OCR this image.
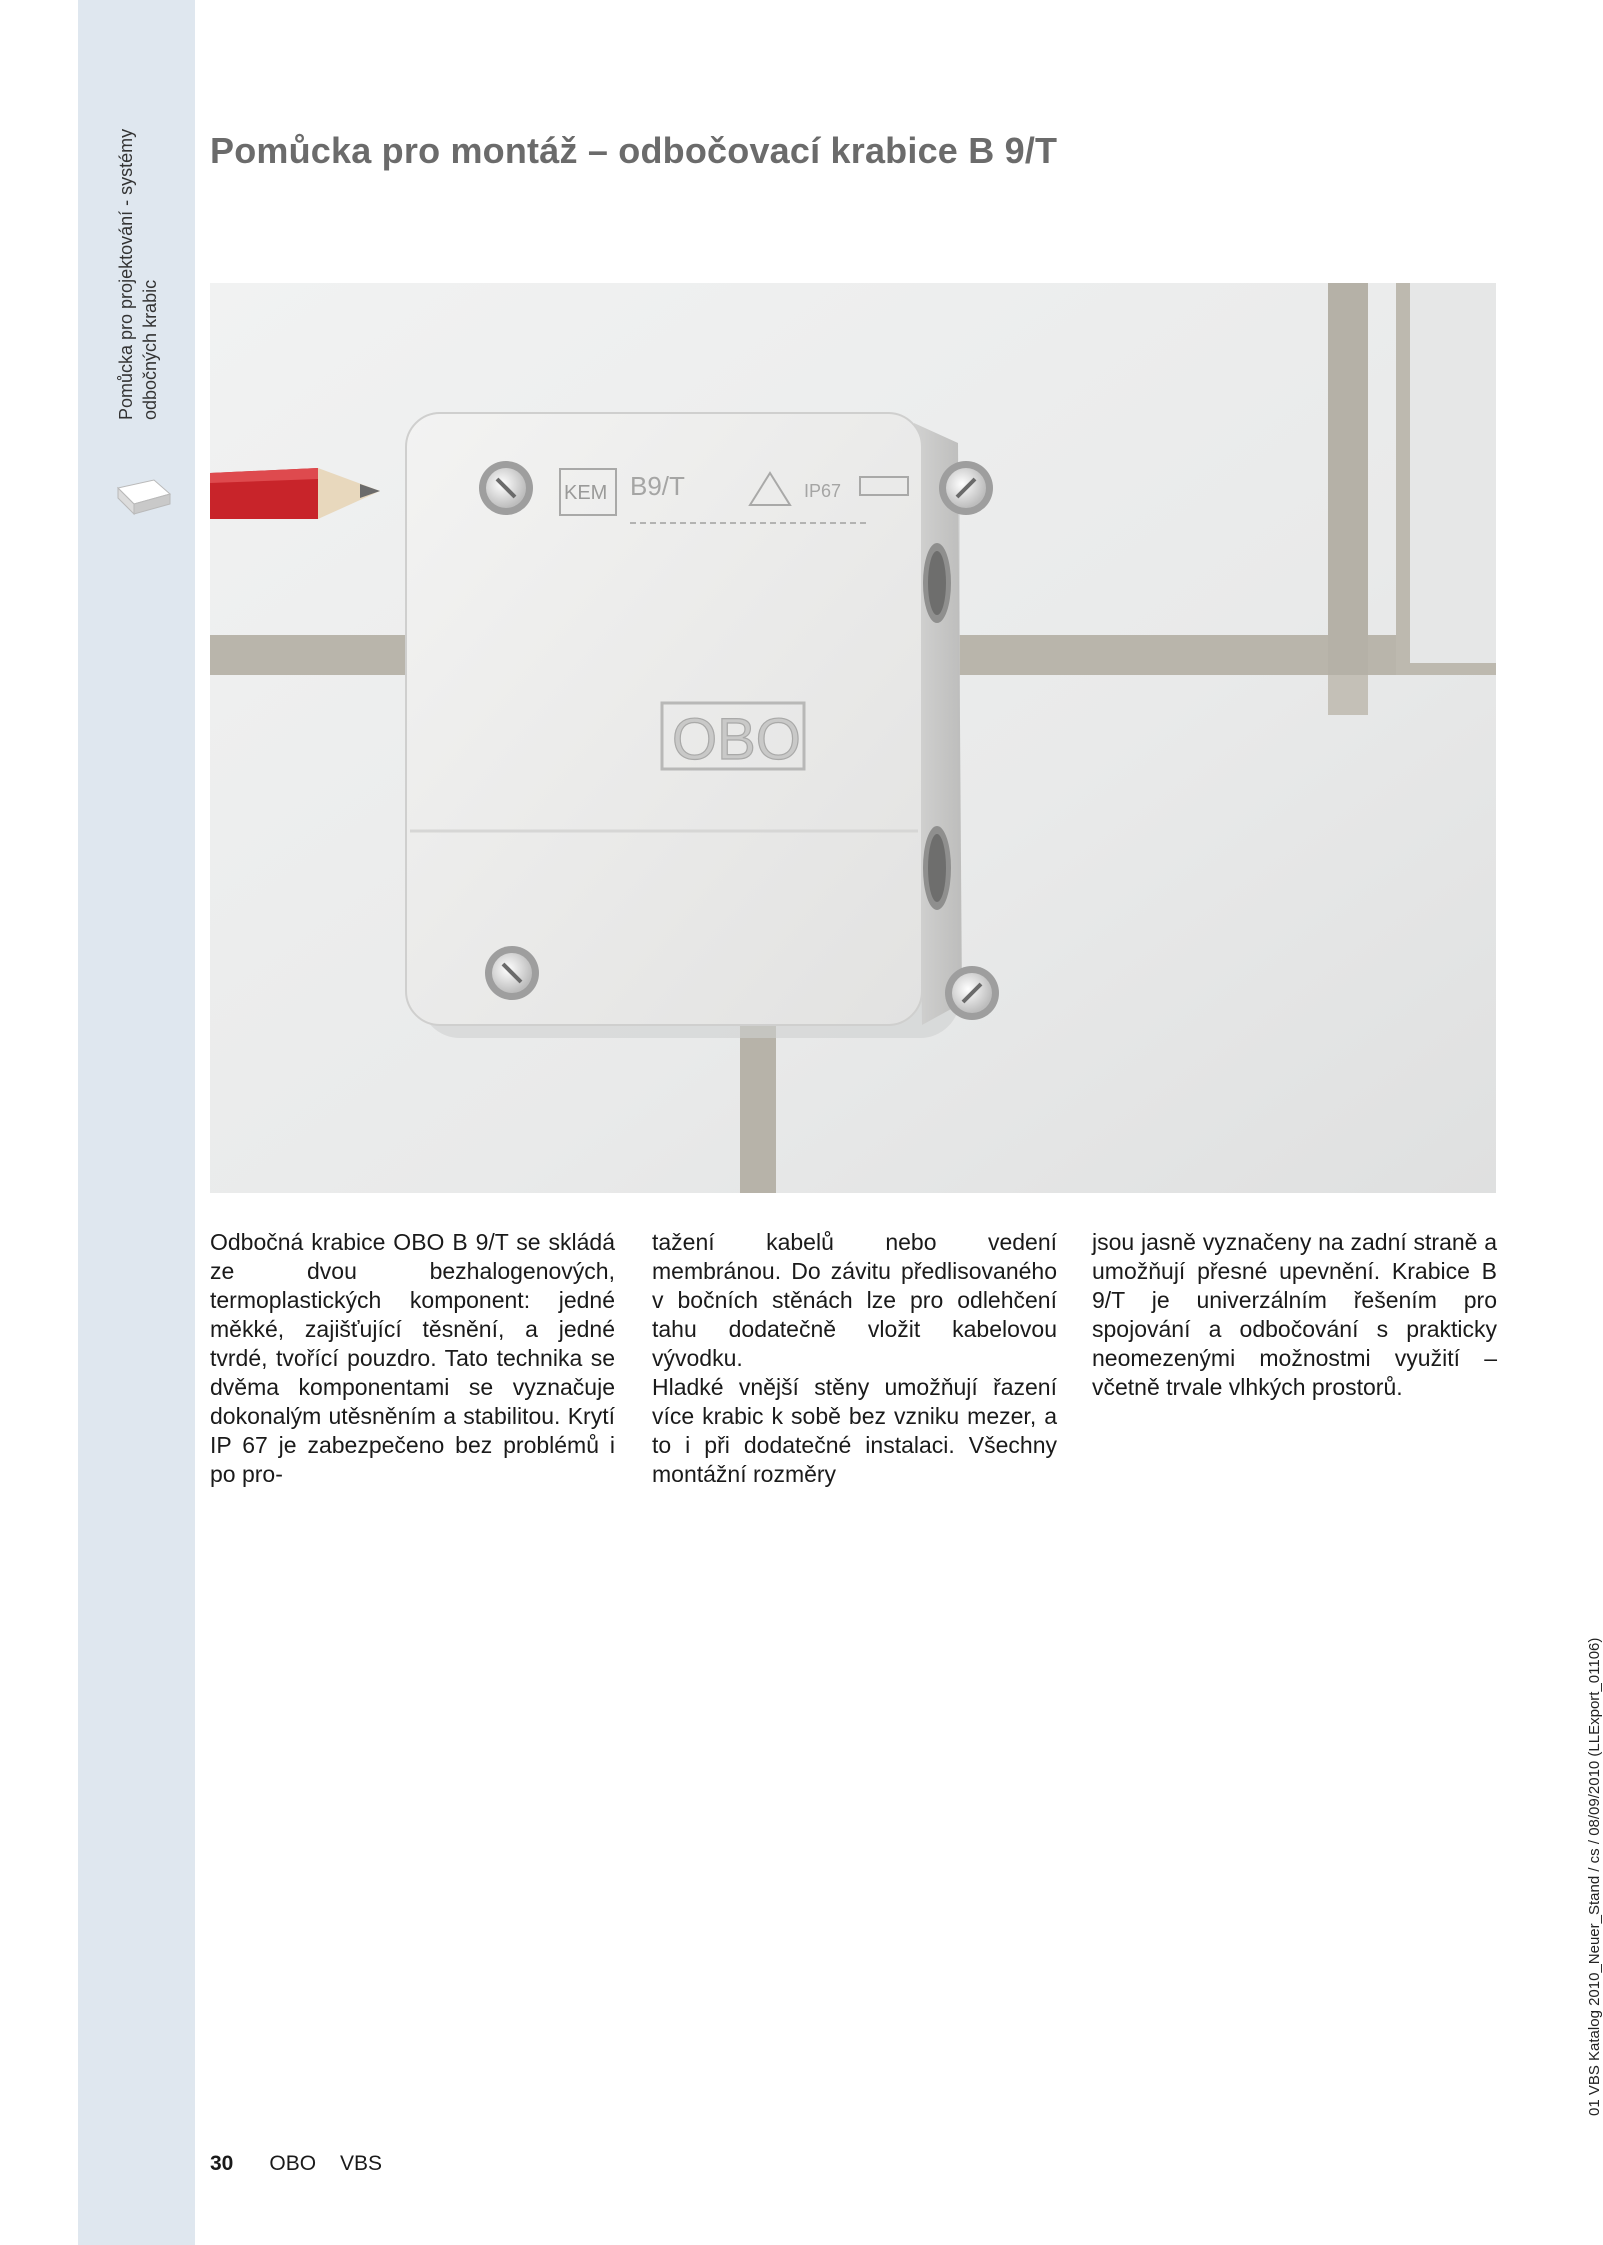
Pomůcka pro projektování - systémy odbočných krabic
Pomůcka pro montáž – odbočovací krabice B 9/T
KEM B9/T	IP67
OBO

Odbočná krabice OBO B 9/T se skládá ze dvou bezhalogenových, termoplastických komponent: jedné měkké, zajišťující těsnění, a jedné tvrdé, tvořící pouzdro. Tato technika se dvěma komponentami se vyznačuje dokonalým utěsněním a stabilitou. Krytí IP 67 je zabezpečeno bez problémů i po pro-

tažení kabelů nebo vedení membránou. Do závitu předlisovaného v bočních stěnách lze pro odlehčení tahu dodatečně vložit kabelovou vývodku.

Hladké vnější stěny umožňují řazení více krabic k sobě bez vzniku mezer, a to i při dodatečné instalaci. Všechny montážní rozměry

jsou jasně vyznačeny na zadní straně a umožňují přesné upevnění. Krabice B 9/T je univerzálním řešením pro spojování a odbočování s prakticky neomezenými možnostmi využití – včetně trvale vlhkých prostorů.

30 OBO VBS
01 VBS Katalog 2010_Neuer_Stand / cs / 08/09/2010 (LLExport_01106)
